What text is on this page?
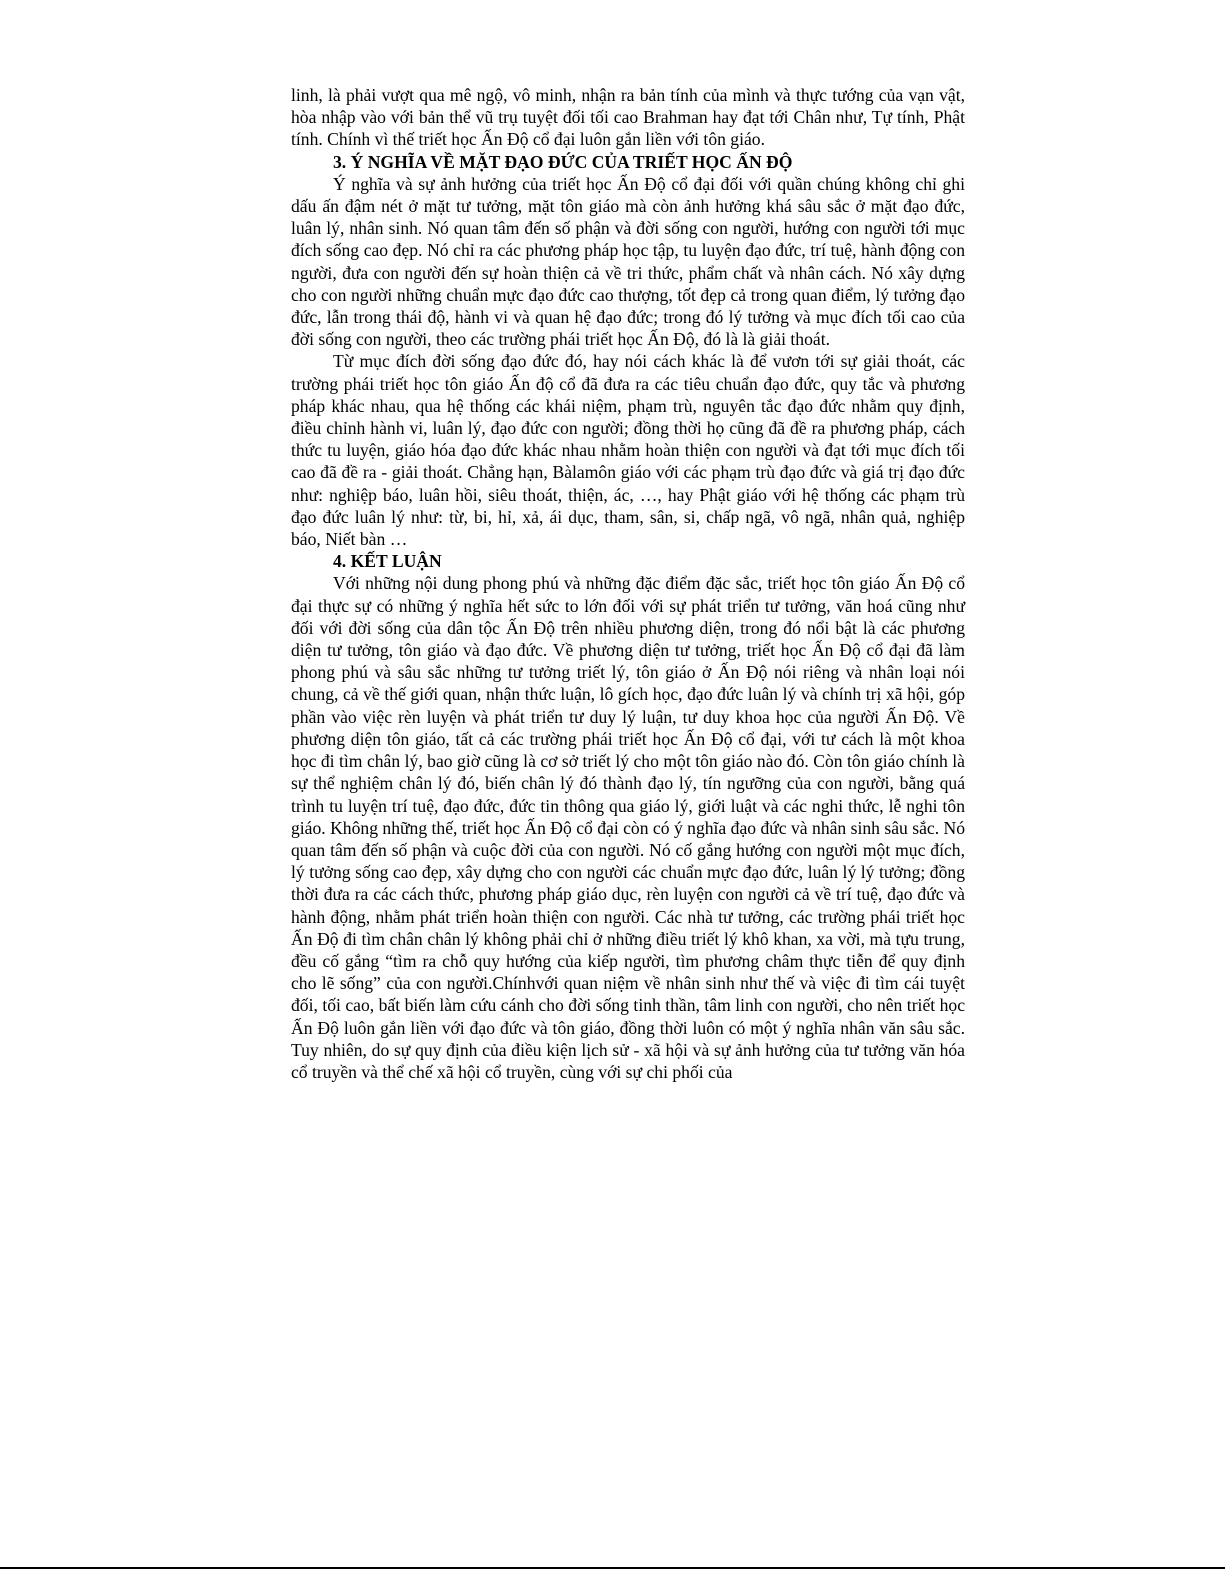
linh, là phải vượt qua mê ngộ, vô minh, nhận ra bản tính của mình và thực tướng của vạn vật, hòa nhập vào với bản thể vũ trụ tuyệt đối tối cao Brahman hay đạt tới Chân như, Tự tính, Phật tính. Chính vì thế triết học Ấn Độ cổ đại luôn gắn liền với tôn giáo.

3. Ý NGHĨA VỀ MẶT ĐẠO ĐỨC CỦA TRIẾT HỌC ẤN ĐỘ

Ý nghĩa và sự ảnh hưởng của triết học Ấn Độ cổ đại đối với quần chúng không chỉ ghi dấu ấn đậm nét ở mặt tư tưởng, mặt tôn giáo mà còn ảnh hưởng khá sâu sắc ở mặt đạo đức, luân lý, nhân sinh. Nó quan tâm đến số phận và đời sống con người, hướng con người tới mục đích sống cao đẹp. Nó chỉ ra các phương pháp học tập, tu luyện đạo đức, trí tuệ, hành động con người, đưa con người đến sự hoàn thiện cả về tri thức, phẩm chất và nhân cách. Nó xây dựng cho con người những chuẩn mực đạo đức cao thượng, tốt đẹp cả trong quan điểm, lý tưởng đạo đức, lẫn trong thái độ, hành vi và quan hệ đạo đức; trong đó lý tưởng và mục đích tối cao của đời sống con người, theo các trường phái triết học Ấn Độ, đó là là giải thoát.

Từ mục đích đời sống đạo đức đó, hay nói cách khác là để vươn tới sự giải thoát, các trường phái triết học tôn giáo Ấn độ cổ đã đưa ra các tiêu chuẩn đạo đức, quy tắc và phương pháp khác nhau, qua hệ thống các khái niệm, phạm trù, nguyên tắc đạo đức nhằm quy định, điều chỉnh hành vi, luân lý, đạo đức con người; đồng thời họ cũng đã đề ra phương pháp, cách thức tu luyện, giáo hóa đạo đức khác nhau nhằm hoàn thiện con người và đạt tới mục đích tối cao đã đề ra - giải thoát. Chẳng hạn, Bàlamôn giáo với các phạm trù đạo đức và giá trị đạo đức như: nghiệp báo, luân hồi, siêu thoát, thiện, ác, …, hay Phật giáo với hệ thống các phạm trù đạo đức luân lý như: từ, bi, hỉ, xả, ái dục, tham, sân, si, chấp ngã, vô ngã, nhân quả, nghiệp báo, Niết bàn …

4. KẾT LUẬN

Với những nội dung phong phú và những đặc điểm đặc sắc, triết học tôn giáo Ấn Độ cổ đại thực sự có những ý nghĩa hết sức to lớn đối với sự phát triển tư tưởng, văn hoá cũng như đối với đời sống của dân tộc Ấn Độ trên nhiều phương diện, trong đó nổi bật là các phương diện tư tưởng, tôn giáo và đạo đức. Về phương diện tư tưởng, triết học Ấn Độ cổ đại đã làm phong phú và sâu sắc những tư tưởng triết lý, tôn giáo ở Ấn Độ nói riêng và nhân loại nói chung, cả về thế giới quan, nhận thức luận, lô gích học, đạo đức luân lý và chính trị xã hội, góp phần vào việc rèn luyện và phát triển tư duy lý luận, tư duy khoa học của người Ấn Độ. Về phương diện tôn giáo, tất cả các trường phái triết học Ấn Độ cổ đại, với tư cách là một khoa học đi tìm chân lý, bao giờ cũng là cơ sở triết lý cho một tôn giáo nào đó. Còn tôn giáo chính là sự thể nghiệm chân lý đó, biến chân lý đó thành đạo lý, tín ngưỡng của con người, bằng quá trình tu luyện trí tuệ, đạo đức, đức tin thông qua giáo lý, giới luật và các nghi thức, lễ nghi tôn giáo. Không những thế, triết học Ấn Độ cổ đại còn có ý nghĩa đạo đức và nhân sinh sâu sắc. Nó quan tâm đến số phận và cuộc đời của con người. Nó cố gắng hướng con người một mục đích, lý tưởng sống cao đẹp, xây dựng cho con người các chuẩn mực đạo đức, luân lý lý tưởng; đồng thời đưa ra các cách thức, phương pháp giáo dục, rèn luyện con người cả về trí tuệ, đạo đức và hành động, nhằm phát triển hoàn thiện con người. Các nhà tư tưởng, các trường phái triết học Ấn Độ đi tìm chân chân lý không phải chỉ ở những điều triết lý khô khan, xa vời, mà tựu trung, đều cố gắng “tìm ra chỗ quy hướng của kiếp người, tìm phương châm thực tiễn để quy định cho lẽ sống” của con người.Chínhvới quan niệm về nhân sinh như thế và việc đi tìm cái tuyệt đối, tối cao, bất biến làm cứu cánh cho đời sống tinh thần, tâm linh con người, cho nên triết học Ấn Độ luôn gắn liền với đạo đức và tôn giáo, đồng thời luôn có một ý nghĩa nhân văn sâu sắc. Tuy nhiên, do sự quy định của điều kiện lịch sử - xã hội và sự ảnh hưởng của tư tưởng văn hóa cổ truyền và thể chế xã hội cổ truyền, cùng với sự chi phối của
